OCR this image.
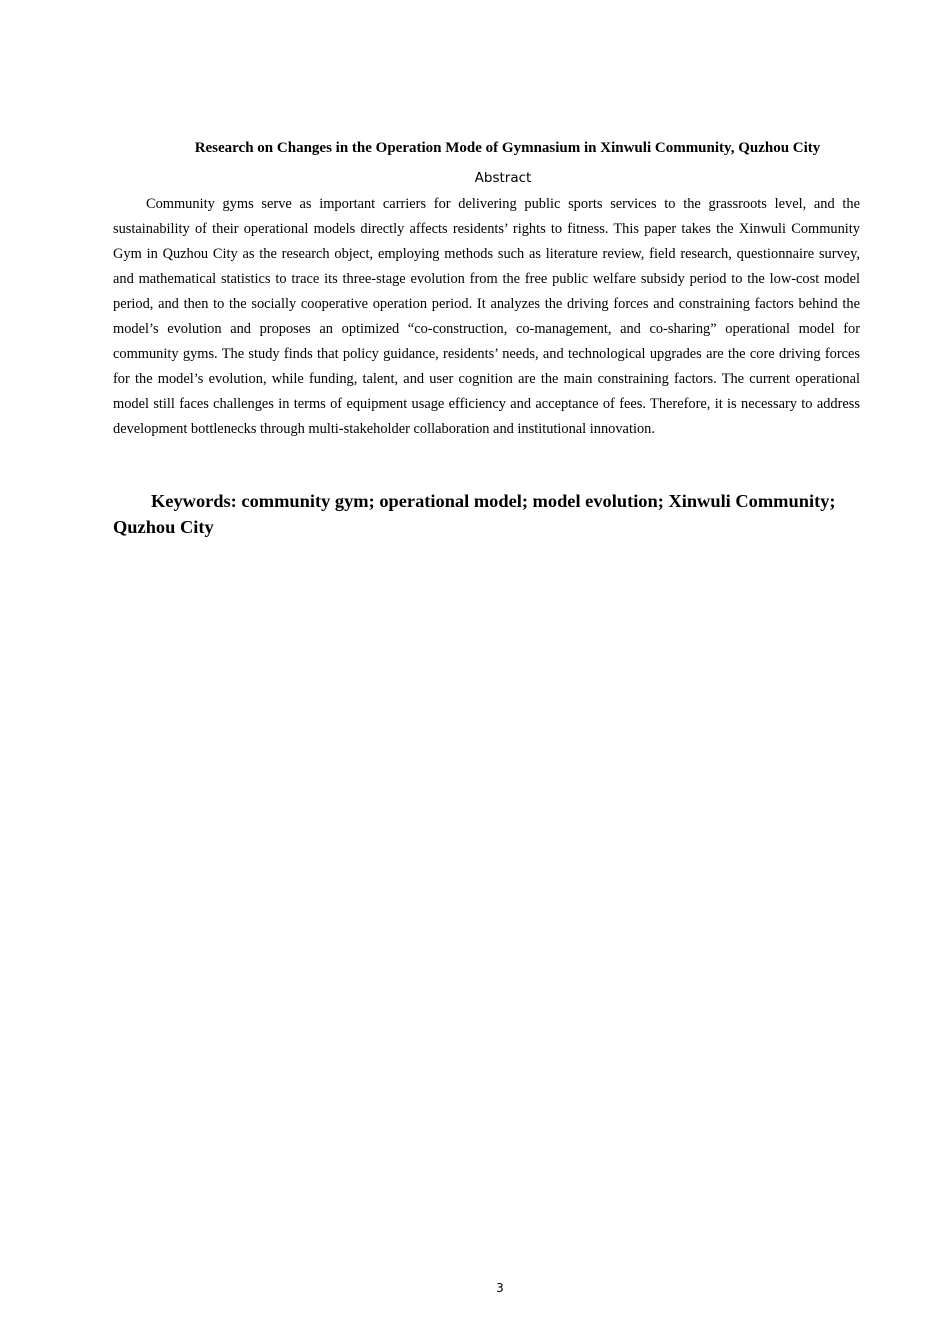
Research on Changes in the Operation Mode of Gymnasium in Xinwuli Community, Quzhou City
Abstract

Community gyms serve as important carriers for delivering public sports services to the grassroots level, and the sustainability of their operational models directly affects residents’ rights to fitness. This paper takes the Xinwuli Community Gym in Quzhou City as the research object, employing methods such as literature review, field research, questionnaire survey, and mathematical statistics to trace its three-stage evolution from the free public welfare subsidy period to the low-cost model period, and then to the socially cooperative operation period. It analyzes the driving forces and constraining factors behind the model’s evolution and proposes an optimized “co-construction, co-management, and co-sharing” operational model for community gyms. The study finds that policy guidance, residents’ needs, and technological upgrades are the core driving forces for the model’s evolution, while funding, talent, and user cognition are the main constraining factors. The current operational model still faces challenges in terms of equipment usage efficiency and acceptance of fees. Therefore, it is necessary to address development bottlenecks through multi-stakeholder collaboration and institutional innovation.

Keywords: community gym; operational model; model evolution; Xinwuli Community; Quzhou City

3
